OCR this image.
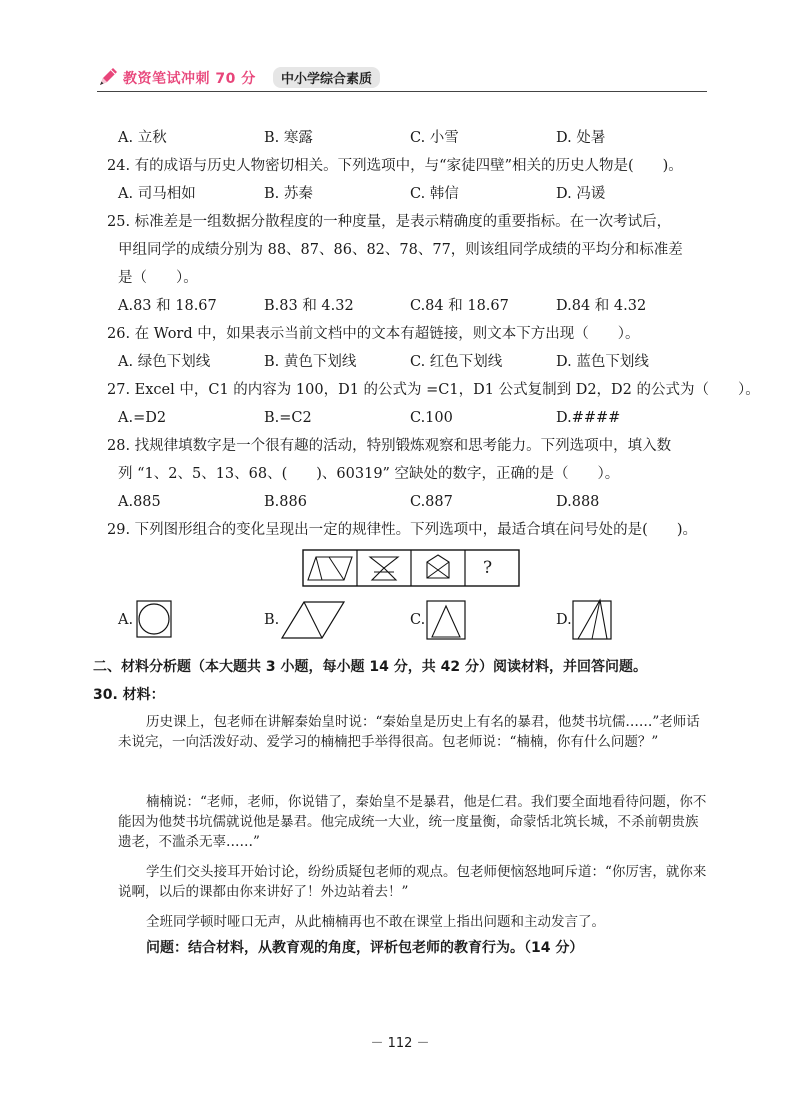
教资笔试冲刺 70 分	中小学综合素质
A. 立秋	B. 寒露	C. 小雪	D. 处暑
24. 有的成语与历史人物密切相关。下列选项中，与“家徒四壁”相关的历史人物是(　　)。
A. 司马相如	B. 苏秦	C. 韩信	D. 冯谖
25. 标准差是一组数据分散程度的一种度量，是表示精确度的重要指标。在一次考试后，
甲组同学的成绩分别为 88、87、86、82、78、77，则该组同学成绩的平均分和标准差
是（　　）。
A.83 和 18.67	B.83 和 4.32	C.84 和 18.67	D.84 和 4.32
26. 在 Word 中，如果表示当前文档中的文本有超链接，则文本下方出现（　　）。
A. 绿色下划线	B. 黄色下划线	C. 红色下划线	D. 蓝色下划线
27. Excel 中，C1 的内容为 100，D1 的公式为 =C1，D1 公式复制到 D2，D2 的公式为（　　）。
A.=D2	B.=C2	C.100	D.####
28. 找规律填数字是一个很有趣的活动，特别锻炼观察和思考能力。下列选项中，填入数
列 “1、2、5、13、68、(　　)、60319” 空缺处的数字，正确的是（　　）。
A.885	B.886	C.887	D.888
29. 下列图形组合的变化呈现出一定的规律性。下列选项中，最适合填在问号处的是(　　)。
?
A.	B.	C.	D.
二、材料分析题（本大题共 3 小题，每小题 14 分，共 42 分）阅读材料，并回答问题。
30. 材料：
历史课上，包老师在讲解秦始皇时说：“秦始皇是历史上有名的暴君，他焚书坑儒……”老师话未说完，一向活泼好动、爱学习的楠楠把手举得很高。包老师说：“楠楠，你有什么问题？”
楠楠说：“老师，老师，你说错了，秦始皇不是暴君，他是仁君。我们要全面地看待问题，你不能因为他焚书坑儒就说他是暴君。他完成统一大业，统一度量衡，命蒙恬北筑长城，不杀前朝贵族遗老，不滥杀无辜……”
学生们交头接耳开始讨论，纷纷质疑包老师的观点。包老师便恼怒地呵斥道：“你厉害，就你来说啊，以后的课都由你来讲好了！外边站着去！”
全班同学顿时哑口无声，从此楠楠再也不敢在课堂上指出问题和主动发言了。
问题：结合材料，从教育观的角度，评析包老师的教育行为。（14 分）
－ 112 －
